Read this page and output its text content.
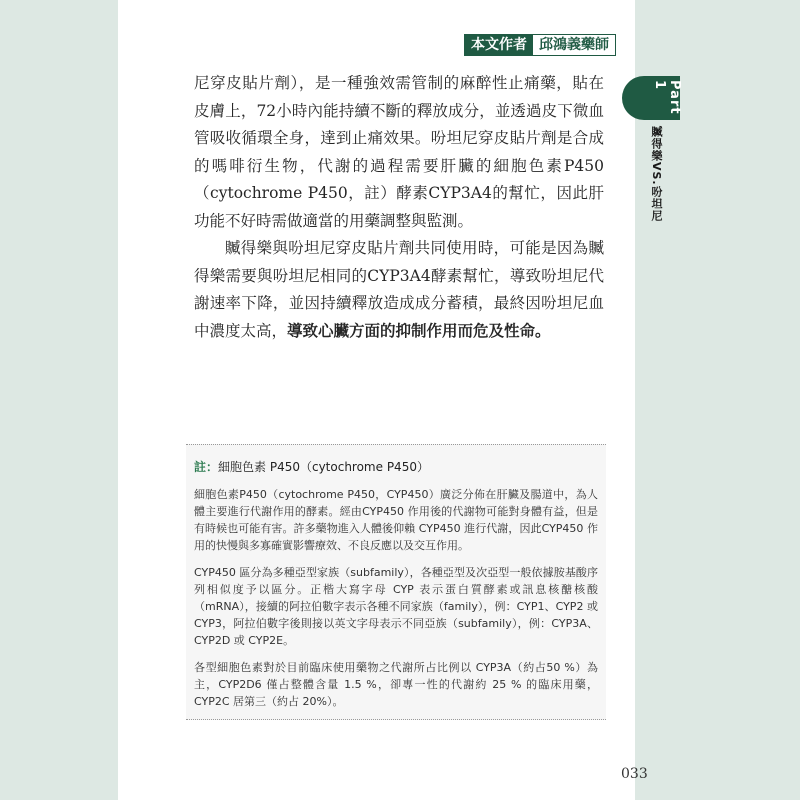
本文作者 邱鴻義藥師
Part 1
贓得樂VS.吩坦尼

尼穿皮貼片劑），是一種強效需管制的麻醉性止痛藥，貼在皮膚上，72小時內能持續不斷的釋放成分，並透過皮下微血管吸收循環全身，達到止痛效果。吩坦尼穿皮貼片劑是合成的嗎啡衍生物，代謝的過程需要肝臟的細胞色素P450（cytochrome P450，註）酵素CYP3A4的幫忙，因此肝功能不好時需做適當的用藥調整與監測。

贓得樂與吩坦尼穿皮貼片劑共同使用時，可能是因為贓得樂需要與吩坦尼相同的CYP3A4酵素幫忙，導致吩坦尼代謝速率下降，並因持續釋放造成成分蓄積，最終因吩坦尼血中濃度太高，導致心臟方面的抑制作用而危及性命。

註：細胞色素 P450（cytochrome P450）

細胞色素P450（cytochrome P450，CYP450）廣泛分佈在肝臟及腸道中，為人體主要進行代謝作用的酵素。經由CYP450 作用後的代謝物可能對身體有益，但是有時候也可能有害。許多藥物進入人體後仰賴 CYP450 進行代謝，因此CYP450 作用的快慢與多寡確實影響療效、不良反應以及交互作用。

CYP450 區分為多種亞型家族（subfamily），各種亞型及次亞型一般依據胺基酸序列相似度予以區分。正楷大寫字母 CYP 表示蛋白質酵素或訊息核醣核酸（mRNA），接續的阿拉伯數字表示各種不同家族（family），例：CYP1、CYP2 或 CYP3，阿拉伯數字後則接以英文字母表示不同亞族（subfamily），例：CYP3A、CYP2D 或 CYP2E。

各型細胞色素對於目前臨床使用藥物之代謝所占比例以 CYP3A（約占50 %）為主，CYP2D6 僅占整體含量 1.5 %，卻專一性的代謝約 25 % 的臨床用藥，CYP2C 居第三（約占 20%）。

033
